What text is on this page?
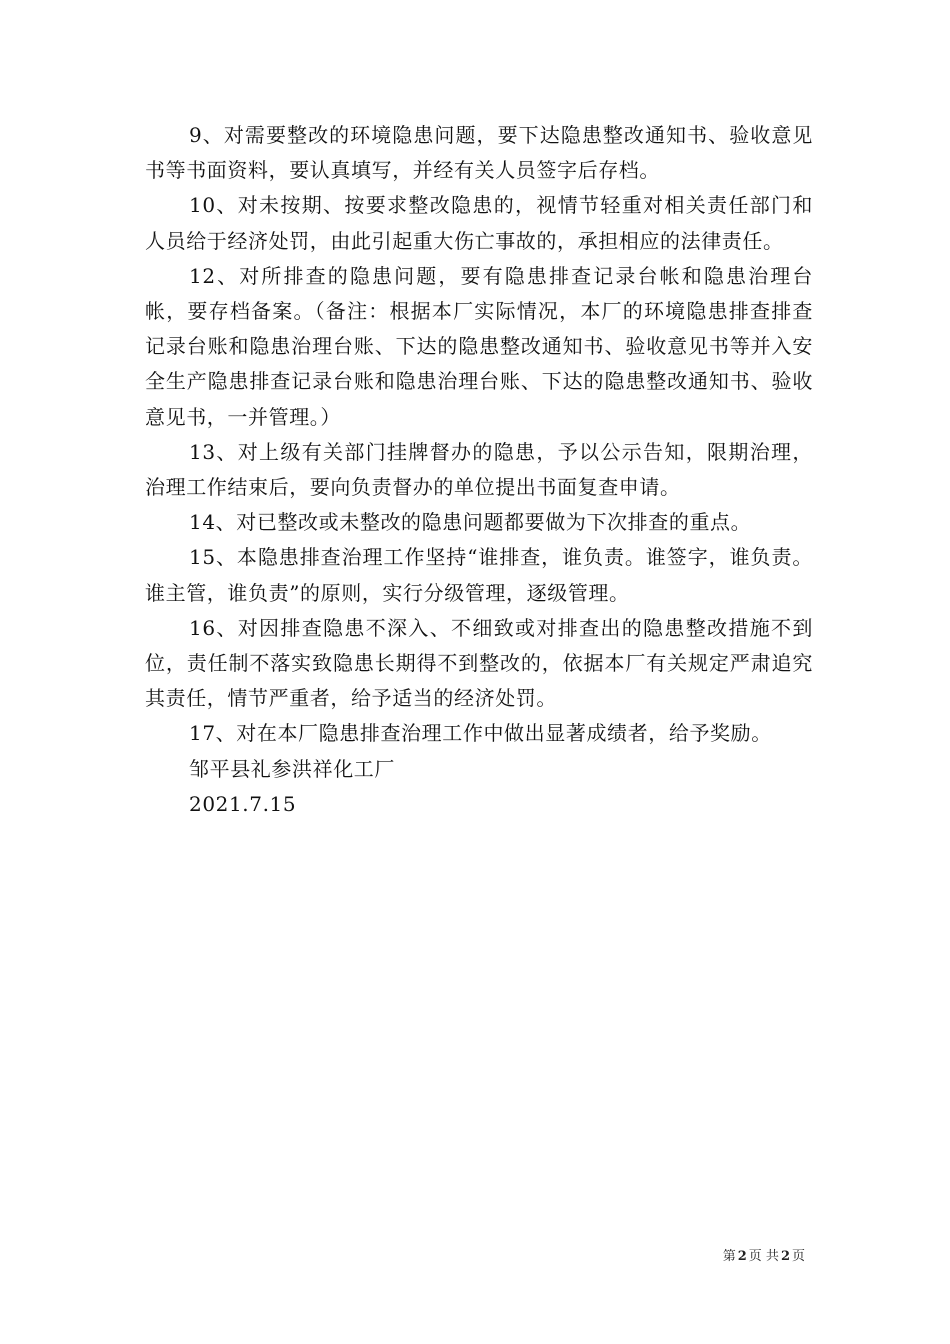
9、对需要整改的环境隐患问题，要下达隐患整改通知书、验收意见书等书面资料，要认真填写，并经有关人员签字后存档。

10、对未按期、按要求整改隐患的，视情节轻重对相关责任部门和人员给于经济处罚，由此引起重大伤亡事故的，承担相应的法律责任。

12、对所排查的隐患问题，要有隐患排查记录台帐和隐患治理台帐，要存档备案。（备注：根据本厂实际情况，本厂的环境隐患排查排查记录台账和隐患治理台账、下达的隐患整改通知书、验收意见书等并入安全生产隐患排查记录台账和隐患治理台账、下达的隐患整改通知书、验收意见书，一并管理。）

13、对上级有关部门挂牌督办的隐患，予以公示告知，限期治理，治理工作结束后，要向负责督办的单位提出书面复查申请。

14、对已整改或未整改的隐患问题都要做为下次排查的重点。

15、本隐患排查治理工作坚持“谁排查，谁负责。谁签字，谁负责。谁主管，谁负责”的原则，实行分级管理，逐级管理。

16、对因排查隐患不深入、不细致或对排查出的隐患整改措施不到位，责任制不落实致隐患长期得不到整改的，依据本厂有关规定严肃追究其责任，情节严重者，给予适当的经济处罚。

17、对在本厂隐患排查治理工作中做出显著成绩者，给予奖励。

邹平县礼参洪祥化工厂

2021.7.15

第 2 页 共 2 页
